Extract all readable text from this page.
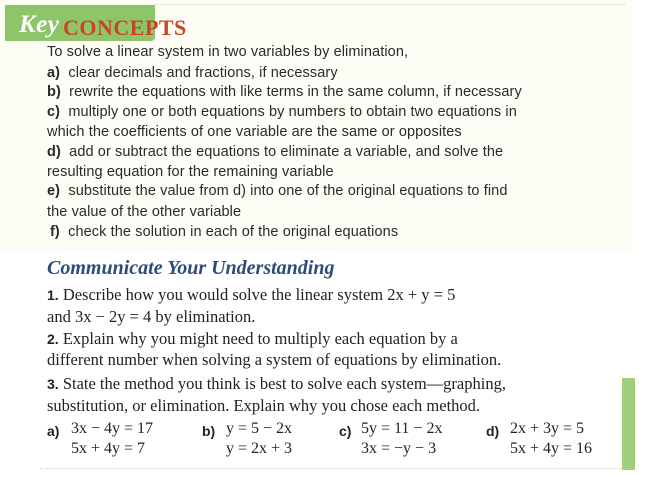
Key CONCEPTS
To solve a linear system in two variables by elimination,
a) clear decimals and fractions, if necessary
b) rewrite the equations with like terms in the same column, if necessary
c) multiply one or both equations by numbers to obtain two equations in
which the coefficients of one variable are the same or opposites
d) add or subtract the equations to eliminate a variable, and solve the
resulting equation for the remaining variable
e) substitute the value from d) into one of the original equations to find
the value of the other variable
f) check the solution in each of the original equations
Communicate Your Understanding
1. Describe how you would solve the linear system 2x + y = 5
and 3x − 2y = 4 by elimination.
2. Explain why you might need to multiply each equation by a
different number when solving a system of equations by elimination.
3. State the method you think is best to solve each system—graphing,
substitution, or elimination. Explain why you chose each method.
a) 3x − 4y = 17
5x + 4y = 7
b) y = 5 − 2x
y = 2x + 3
c) 5y = 11 − 2x
3x = −y − 3
d) 2x + 3y = 5
5x + 4y = 16
